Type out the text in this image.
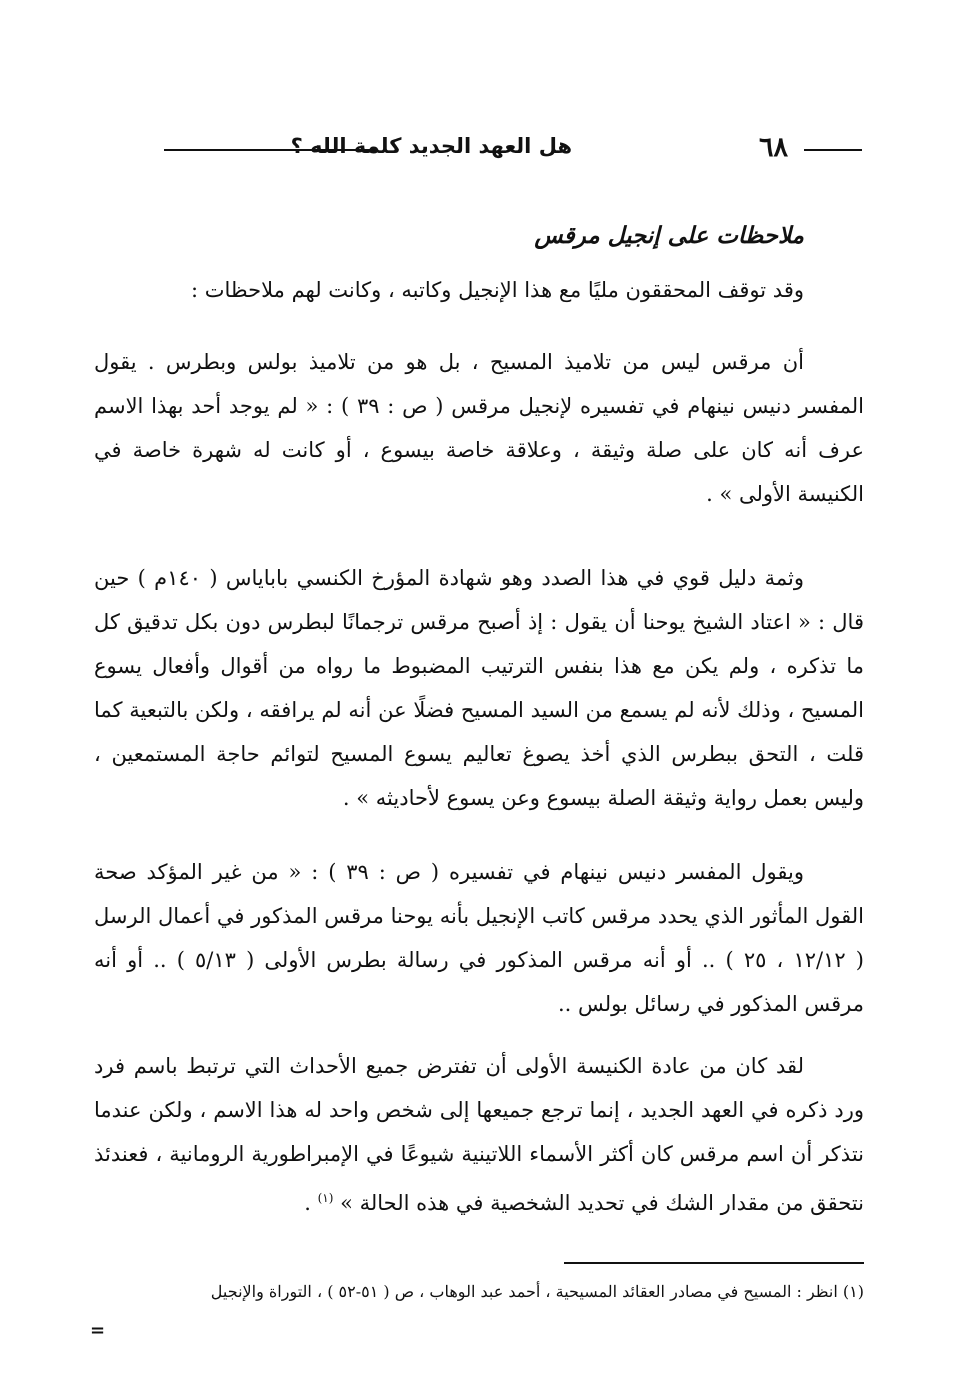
٦٨
هل العهد الجديد كلمة الله ؟
ملاحظات على إنجيل مرقس

وقد توقف المحققون مليًا مع هذا الإنجيل وكاتبه ، وكانت لهم ملاحظات :

أن مرقس ليس من تلاميذ المسيح ، بل هو من تلاميذ بولس وبطرس . يقول المفسر دنيس نينهام في تفسيره لإنجيل مرقس ( ص : ٣٩ ) : « لم يوجد أحد بهذا الاسم عرف أنه كان على صلة وثيقة ، وعلاقة خاصة بيسوع ، أو كانت له شهرة خاصة في الكنيسة الأولى » .

وثمة دليل قوي في هذا الصدد وهو شهادة المؤرخ الكنسي باباياس ( ١٤٠م ) حين قال : « اعتاد الشيخ يوحنا أن يقول : إذ أصبح مرقس ترجمانًا لبطرس دون بكل تدقيق كل ما تذكره ، ولم يكن مع هذا بنفس الترتيب المضبوط ما رواه من أقوال وأفعال يسوع المسيح ، وذلك لأنه لم يسمع من السيد المسيح فضلًا عن أنه لم يرافقه ، ولكن بالتبعية كما قلت ، التحق ببطرس الذي أخذ يصوغ تعاليم يسوع المسيح لتوائم حاجة المستمعين ، وليس بعمل رواية وثيقة الصلة بيسوع وعن يسوع لأحاديثه » .

ويقول المفسر دنيس نينهام في تفسيره ( ص : ٣٩ ) : « من غير المؤكد صحة القول المأثور الذي يحدد مرقس كاتب الإنجيل بأنه يوحنا مرقس المذكور في أعمال الرسل ( ١٢/١٢ ، ٢٥ ) .. أو أنه مرقس المذكور في رسالة بطرس الأولى ( ٥/١٣ ) .. أو أنه مرقس المذكور في رسائل بولس ..

لقد كان من عادة الكنيسة الأولى أن تفترض جميع الأحداث التي ترتبط باسم فرد ورد ذكره في العهد الجديد ، إنما ترجع جميعها إلى شخص واحد له هذا الاسم ، ولكن عندما نتذكر أن اسم مرقس كان أكثر الأسماء اللاتينية شيوعًا في الإمبراطورية الرومانية ، فعندئذ نتحقق من مقدار الشك في تحديد الشخصية في هذه الحالة » $^{(١)}$ .

(١) انظر : المسيح في مصادر العقائد المسيحية ، أحمد عبد الوهاب ، ص ( ٥١-٥٢ ) ، التوراة والإنجيل
=
